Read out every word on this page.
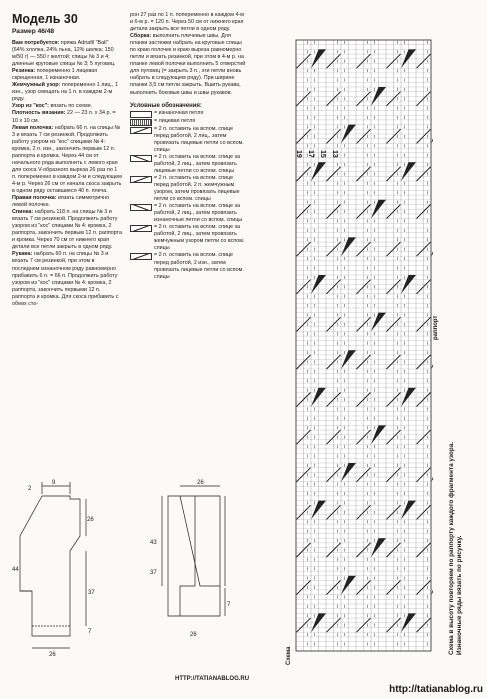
Модель 30
Размер 46/48

Вам потребуется: пряжа Adriafil "Bali" (64% хлопка, 24% льна, 12% шелка; 150 м/50 г) — 550 г желтой; спицы № 3 и 4; длинные круговые спицы № 3; 5 пуговиц.

Резинка: попеременно 1 лицевая скрещенная, 1 изнаночная.

Жемчужный узор: попеременно 1 лиц., 1 изн., узор смещать на 1 п. в каждом 2-м ряду.

Узор из "кос": вязать по схеме.

Плотность вязания: 22 — 23 п. х 34 р. = 10 х 10 см.

Левая полочка: набрать 66 п. на спицы № 3 и вязать 7 см резинкой. Продолжить работу узором из "кос" спицами № 4: кромка, 2 п. изн., закончить первым 12 п. раппорта и кромка. Через 44 см от начального ряда выполнить с левого края для скоса V-образного выреза 26 раз по 1 п. попеременно в каждом 2-м и следующем 4-м р. Через 26 см от начала скоса закрыть в одном ряду оставшиеся 40 п. плеча.

Правая полочка: вязать симметрично левой полочке.

Спинка: набрать 118 п. на спицы № 3 и вязать 7 см резинкой. Продолжить работу узором из "кос" спицами № 4: кромка, 2 раппорта, закончить первым 12 п. раппорта и кромка. Через 70 см от нижнего края детали все петли закрыть в одном ряду.

Рукава: набрать 60 п. на спицы № 3 и вязать 7 см резинкой, при этом в последнем изнаночном ряду равномерно прибавить 6 п. = 66 п. Продолжить работу узором из "кос" спицами № 4: кромка, 2 раппорта, закончить первыми 12 п. раппорта и кромка. Для скоса прибавить с обеих сто-

рон 27 раз по 1 п. попеременно в каждом 4-м и 6-м р. = 120 п. Через 50 см от нижнего края детали закрыть все петли в одном ряду.

Сборка: выполнить плечевые швы. Для планки застежки набрать на круговые спицы по краю полочек и краю выреза равномерно петли и вязать резинкой, при этом в 4-м р. на планке левой полочки выполнить 5 отверстий для пуговиц (= закрыть 3 п., эти петли вновь набрать в следующем ряду). При ширине планки 3,5 см петли закрыть. Вшить рукава, выполнить боковые швы и швы рукавов.

Условные обозначения:
= изнаночная петля
= лицевая петля
= 2 п. оставить на вспом. спице перед работой, 2 лиц., затем провязать лицевые петли со вспом. спицы
= 2 п. оставить на вспом. спице за работой, 2 лиц., затем провязать лицевые петли со вспом. спицы
= 2 п. оставить на вспом. спице перед работой, 2 п. жемчужным узором, затем провязать лицевые петли со вспом. спицы
= 2 п. оставить на вспом. спице за работой, 2 лиц., затем провязать изнаночные петли со вспом. спицы
= 2 п. оставить на вспом. спице за работой, 2 лиц., затем провязать жемчужным узором петли со вспом. спицы
= 2 п. оставить на вспом. спице перед работой, 2 изн., затем провязать лицевые петли со вспом. спицы
2
9
26
44
37
7
26
26
43
37
7
26
19 17 15 13
раппорт
Схема
Схема в высоту повторяем по раппорту каждого фрагмента узора. Изнаночные ряды вязать по рисунку.
HTTP://TATIANABLOG.RU
http://tatianablog.ru
